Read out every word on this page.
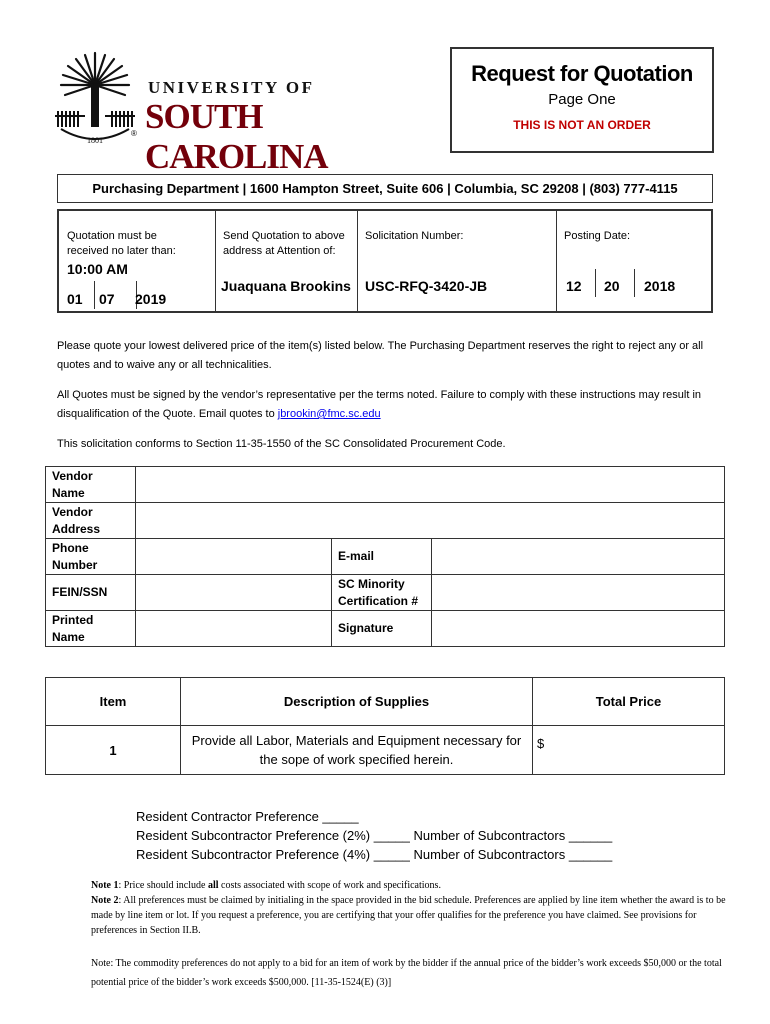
1801
®
UNIVERSITY OF
SOUTH CAROLINA
Request for Quotation
Page One
THIS IS NOT AN ORDER
Purchasing Department | 1600 Hampton Street, Suite 606 | Columbia, SC 29208 | (803) 777-4115
Quotation must be
received no later than:
10:00 AM
01 07 2019
Send Quotation to above
address at Attention of:
Juaquana Brookins
Solicitation Number:
USC-RFQ-3420-JB
Posting Date:
12 20 2018
Please quote your lowest delivered price of the item(s) listed below. The Purchasing Department reserves the right to reject any or all quotes and to waive any or all technicalities.
All Quotes must be signed by the vendor’s representative per the terms noted. Failure to comply with these instructions may result in disqualification of the Quote. Email quotes to jbrookin@fmc.sc.edu
This solicitation conforms to Section 11-35-1550 of the SC Consolidated Procurement Code.
Vendor
Name			

Vendor
Address			

Phone
Number		E-mail	
FEIN/SSN		SC Minority
Certification #	

Printed
Name		Signature	
Item	Description of Supplies	Total Price
1	Provide all Labor, Materials and Equipment necessary for
the sope of work specified herein.	$
Resident Contractor Preference _____
Resident Subcontractor Preference (2%) _____ Number of Subcontractors ______
Resident Subcontractor Preference (4%) _____ Number of Subcontractors ______
Note 1: Price should include all costs associated with scope of work and specifications.
Note 2: All preferences must be claimed by initialing in the space provided in the bid schedule. Preferences are applied by line item whether the award is to be made by line item or lot. If you request a preference, you are certifying that your offer qualifies for the preference you have claimed. See provisions for preferences in Section II.B.
Note: The commodity preferences do not apply to a bid for an item of work by the bidder if the annual price of the bidder’s work exceeds $50,000 or the total potential price of the bidder’s work exceeds $500,000. [11-35-1524(E) (3)]
